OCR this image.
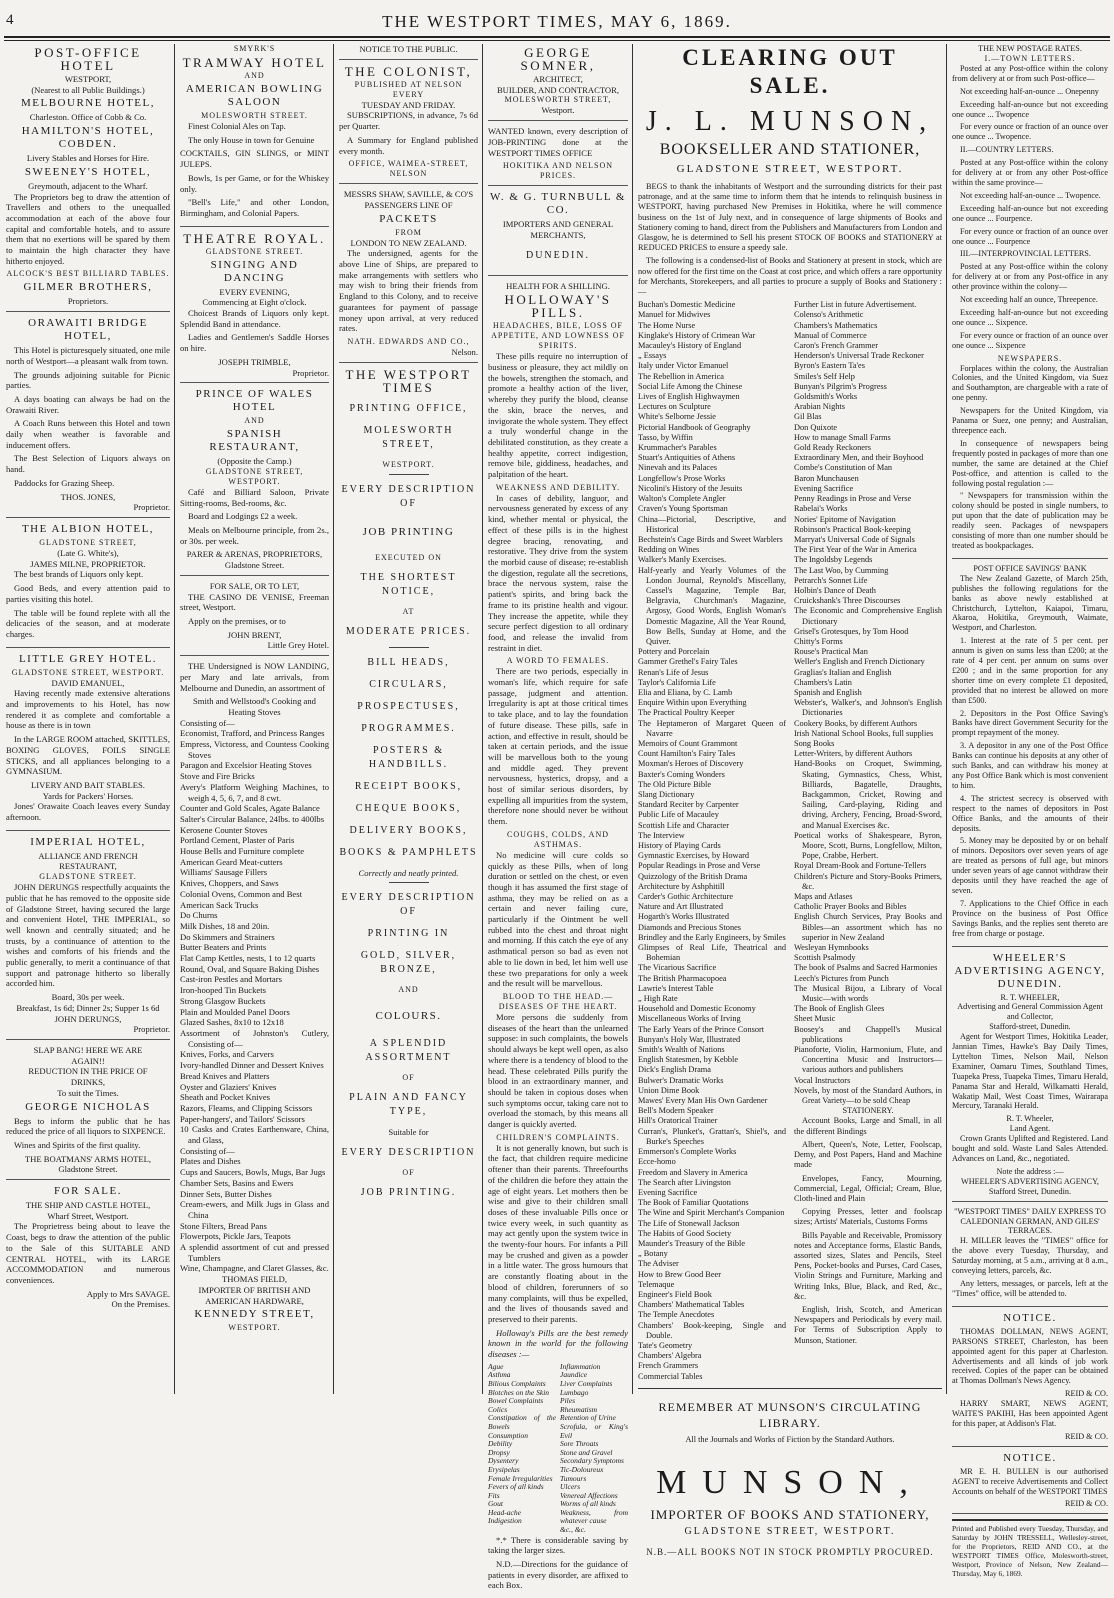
4	THE WESTPORT TIMES, MAY 6, 1869.
POST-OFFICE HOTEL
WESTPORT,
(Nearest to all Public Buildings.)
MELBOURNE HOTEL,
Charleston. Office of Cobb & Co.
HAMILTON'S HOTEL, COBDEN.
Livery Stables and Horses for Hire.
SWEENEY'S HOTEL,
Greymouth, adjacent to the Wharf.

The Proprietors beg to draw the attention of Travellers and others to the unequalled accommodation at each of the above four capital and comfortable hotels, and to assure them that no exertions will be spared by them to maintain the high character they have hitherto enjoyed.

ALCOCK'S BEST BILLIARD TABLES.
GILMER BROTHERS,
Proprietors.
ORAWAITI BRIDGE HOTEL,

This Hotel is picturesquely situated, one mile north of Westport—a pleasant walk from town.

The grounds adjoining suitable for Picnic parties.

A days boating can always be had on the Orawaiti River.

A Coach Runs between this Hotel and town daily when weather is favorable and inducement offers.

The Best Selection of Liquors always on hand.

Paddocks for Grazing Sheep.

THOS. JONES,
Proprietor.
THE ALBION HOTEL,
GLADSTONE STREET,
(Late G. White's),
JAMES MILNE, PROPRIETOR.

The best brands of Liquors only kept.

Good Beds, and every attention paid to parties visiting this hotel.

The table will be found replete with all the delicacies of the season, and at moderate charges.

LITTLE GREY HOTEL.
GLADSTONE STREET, WESTPORT.
DAVID EMANUEL,

Having recently made extensive alterations and improvements to his Hotel, has now rendered it as complete and comfortable a house as there is in town

In the LARGE ROOM attached, SKITTLES, BOXING GLOVES, FOILS SINGLE STICKS, and all appliances belonging to a GYMNASIUM.

LIVERY AND BAIT STABLES.
Yards for Packers' Horses.

Jones' Orawaite Coach leaves every Sunday afternoon.

IMPERIAL HOTEL,
ALLIANCE AND FRENCH
RESTAURANT,
GLADSTONE STREET.

JOHN DERUNGS respectfully acquaints the public that he has removed to the opposite side of Gladstone Street, having secured the large and convenient Hotel, THE IMPERIAL, so well known and centrally situated; and he trusts, by a continuance of attention to the wishes and comforts of his friends and the public generally, to merit a continuance of that support and patronage hitherto so liberally accorded him.

Board, 30s per week.
Breakfast, 1s 6d; Dinner 2s; Supper 1s 6d
JOHN DERUNGS,
Proprietor.
SLAP BANG! HERE WE ARE
AGAIN!!
REDUCTION IN THE PRICE OF
DRINKS,
To suit the Times.
GEORGE NICHOLAS

Begs to inform the public that he has reduced the price of all liquors to SIXPENCE.

Wines and Spirits of the first quality.

THE BOATMANS' ARMS HOTEL,
Gladstone Street.
FOR SALE.
THE SHIP AND CASTLE HOTEL,
Wharf Street, Westport.

The Proprietress being about to leave the Coast, begs to draw the attention of the public to the Sale of this SUITABLE AND CENTRAL HOTEL, with its LARGE ACCOMMODATION and numerous conveniences.

Apply to Mrs SAVAGE.
On the Premises.
SMYRK'S
TRAMWAY HOTEL
AND
AMERICAN BOWLING SALOON
MOLESWORTH STREET.

Finest Colonial Ales on Tap.

The only House in town for Genuine

COCKTAILS, GIN SLINGS, or MINT JULEPS.

Bowls, 1s per Game, or for the Whiskey only.

"Bell's Life," and other London, Birmingham, and Colonial Papers.

THEATRE ROYAL.
GLADSTONE STREET.
SINGING AND DANCING
EVERY EVENING,
Commencing at Eight o'clock.

Choicest Brands of Liquors only kept. Splendid Band in attendance.

Ladies and Gentlemen's Saddle Horses on hire.

JOSEPH TRIMBLE,
Proprietor.
PRINCE OF WALES HOTEL
AND
SPANISH RESTAURANT,
(Opposite the Camp.)
GLADSTONE STREET, WESTPORT.

Café and Billiard Saloon, Private Sitting-rooms, Bed-rooms, &c.

Board and Lodgings £2 a week.

Meals on Melbourne principle, from 2s., or 30s. per week.

PARER & ARENAS, PROPRIETORS,
Gladstone Street.
FOR SALE, OR TO LET,

THE CASINO DE VENISE, Freeman street, Westport.

Apply on the premises, or to

JOHN BRENT,
Little Grey Hotel.

THE Undersigned is NOW LANDING, per Mary and late arrivals, from Melbourne and Dunedin, an assortment of

Smith and Wellstood's Cooking and Heating Stoves
Consisting of—
Economist, Trafford, and Princess Ranges
Empress, Victoress, and Countess Cooking Stoves
Paragon and Excelsior Heating Stoves
Stove and Fire Bricks
Avery's Platform Weighing Machines, to weigh 4, 5, 6, 7, and 8 cwt.
Counter and Gold Scales, Agate Balance
Salter's Circular Balance, 24lbs. to 400lbs
Kerosene Counter Stoves
Portland Cement, Plaster of Paris
House Bells and Furniture complete
American Geard Meat-cutters
Williams' Sausage Fillers
Knives, Choppers, and Saws
Colonial Ovens, Common and Best
American Sack Trucks
Do Churns
Milk Dishes, 18 and 20in.
Do Skimmers and Strainers
Butter Beaters and Prints
Flat Camp Kettles, nests, 1 to 12 quarts
Round, Oval, and Square Baking Dishes
Cast-iron Pestles and Mortars
Iron-hooped Tin Buckets
Strong Glasgow Buckets
Plain and Moulded Panel Doors
Glazed Sashes, 8x10 to 12x18
Assortment of Johnston's Cutlery, Consisting of—
Knives, Forks, and Carvers
Ivory-handled Dinner and Dessert Knives
Bread Knives and Platters
Oyster and Glaziers' Knives
Sheath and Pocket Knives
Razors, Fleams, and Clipping Scissors
Paper-hangers', and Tailors' Scissors
10 Casks and Crates Earthenware, China, and Glass,
Consisting of—
Plates and Dishes
Cups and Saucers, Bowls, Mugs, Bar Jugs
Chamber Sets, Basins and Ewers
Dinner Sets, Butter Dishes
Cream-ewers, and Milk Jugs in Glass and China
Stone Filters, Bread Pans
Flowerpots, Pickle Jars, Teapots
A splendid assortment of cut and pressed Tumblers
Wine, Champagne, and Claret Glasses, &c.
THOMAS FIELD,
IMPORTER OF BRITISH AND
AMERICAN HARDWARE,
KENNEDY STREET,
WESTPORT.
NOTICE TO THE PUBLIC.
THE COLONIST,
PUBLISHED AT NELSON EVERY
TUESDAY AND FRIDAY.

SUBSCRIPTIONS, in advance, 7s 6d per Quarter.

A Summary for England published every month.

OFFICE, WAIMEA-STREET, NELSON
MESSRS SHAW, SAVILLE, & CO'S PASSENGERS LINE OF
PACKETS
FROM
LONDON TO NEW ZEALAND.

The undersigned, agents for the above Line of Ships, are prepared to make arrangements with settlers who may wish to bring their friends from England to this Colony, and to receive guarantees for payment of passage money upon arrival, at very reduced rates.

NATH. EDWARDS AND CO.,
Nelson.
THE WESTPORT TIMES
PRINTING OFFICE,
MOLESWORTH STREET,
WESTPORT.
EVERY DESCRIPTION OF
JOB PRINTING
EXECUTED ON
THE SHORTEST NOTICE,
AT
MODERATE PRICES.
BILL HEADS,
CIRCULARS,
PROSPECTUSES,
PROGRAMMES.
POSTERS & HANDBILLS.
RECEIPT BOOKS,
CHEQUE BOOKS,
DELIVERY BOOKS,
BOOKS & PAMPHLETS
Correctly and neatly printed.
EVERY DESCRIPTION OF
PRINTING IN
GOLD, SILVER, BRONZE,
AND
COLOURS.
A SPLENDID ASSORTMENT
OF
PLAIN AND FANCY TYPE,
Suitable for
EVERY DESCRIPTION
OF
JOB PRINTING.
GEORGE SOMNER,
ARCHITECT,
BUILDER, AND CONTRACTOR,
MOLESWORTH STREET,
Westport.

WANTED known, every description of JOB-PRINTING done at the WESTPORT TIMES OFFICE

HOKITIKA AND NELSON PRICES.
W. & G. TURNBULL & CO.
IMPORTERS AND GENERAL
MERCHANTS,
DUNEDIN.
HEALTH FOR A SHILLING.
HOLLOWAY'S PILLS.
HEADACHES, BILE, LOSS OF APPETITE, AND LOWNESS OF SPIRITS.

These pills require no interruption of business or pleasure, they act mildly on the bowels, strengthen the stomach, and promote a healthy action of the liver, whereby they purify the blood, cleanse the skin, brace the nerves, and invigorate the whole system. They effect a truly wonderful change in the debilitated constitution, as they create a healthy appetite, correct indigestion, remove bile, giddiness, headaches, and palpitation of the heart.

WEAKNESS AND DEBILITY.

In cases of debility, languor, and nervousness generated by excess of any kind, whether mental or physical, the effect of these pills is in the highest degree bracing, renovating, and restorative. They drive from the system the morbid cause of disease; re-establish the digestion, regulate all the secretions, brace the nervous system, raise the patient's spirits, and bring back the frame to its pristine health and vigour. They increase the appetite, while they secure perfect digestion to all ordinary food, and release the invalid from restraint in diet.

A WORD TO FEMALES.

There are two periods, especially in woman's life, which require for safe passage, judgment and attention. Irregularity is apt at those critical times to take place, and to lay the foundation of future disease. These pills, safe in action, and effective in result, should be taken at certain periods, and the issue will be marvellous both to the young and middle aged. They prevent nervousness, hysterics, dropsy, and a host of similar serious disorders, by expelling all impurities from the system, therefore none should never be without them.

COUGHS, COLDS, AND ASTHMAS.

No medicine will cure colds so quickly as these Pills, when of long duration or settled on the chest, or even though it has assumed the first stage of asthma, they may be relied on as a certain and never failing cure, particularly if the Ointment be well rubbed into the chest and throat night and morning. If this catch the eye of any asthmatical person so bad as even not able to lie down in bed, let him well use these two preparations for only a week and the result will be marvellous.

BLOOD TO THE HEAD.—DISEASES OF THE HEART.

More persons die suddenly from diseases of the heart than the unlearned suppose: in such complaints, the bowels should always be kept well open, as also where there is a tendency of blood to the head. These celebrated Pills purify the blood in an extraordinary manner, and should be taken in copious doses when such symptoms occur, taking care not to overload the stomach, by this means all danger is quickly averted.

CHILDREN'S COMPLAINTS.

It is not generally known, but such is the fact, that children require medicine oftener than their parents. Threefourths of the children die before they attain the age of eight years. Let mothers then be wise and give to their children small doses of these invaluable Pills once or twice every week, in such quantity as may act gently upon the system twice in the twenty-four hours. For infants a Pill may be crushed and given as a powder in a little water. The gross humours that are constantly floating about in the blood of children, forerunners of so many complaints, will thus be expelled, and the lives of thousands saved and preserved to their parents.

Holloway's Pills are the best remedy known in the world for the following diseases :—

Ague
Asthma
Bilious Complaints
Blotches on the Skin
Bowel Complaints
Colics
Constipation of the Bowels
Consumption
Debility
Dropsy
Dysentery
Erysipelas
Female Irregularities
Fevers of all kinds
Fits
Gout
Head-ache
Indigestion
Inflammation
Jaundice
Liver Complaints
Lumbago
Piles
Rheumatism
Retention of Urine
Scrofula, or King's Evil
Sore Throats
Stone and Gravel
Secondary Symptoms
Tic-Doloureux
Tumours
Ulcers
Venereal Affections
Worms of all kinds
Weakness, from whatever cause
&c., &c.

*.* There is considerable saving by taking the larger sizes.

N.D.—Directions for the guidance of patients in every disorder, are affixed to each Box.

CLEARING OUT SALE.
J. L. MUNSON,
BOOKSELLER AND STATIONER,
GLADSTONE STREET, WESTPORT.

BEGS to thank the inhabitants of Westport and the surrounding districts for their past patronage, and at the same time to inform them that he intends to relinquish business in WESTPORT, having purchased New Premises in Hokitika, where he will commence business on the 1st of July next, and in consequence of large shipments of Books and Stationery coming to hand, direct from the Publishers and Manufacturers from London and Glasgow, he is determined to Sell his present STOCK OF BOOKS and STATIONERY at REDUCED PRICES to ensure a speedy sale.

The following is a condensed-list of Books and Stationery at present in stock, which are now offered for the first time on the Coast at cost price, and which offers a rare opportunity for Merchants, Storekeepers, and all parties to procure a supply of Books and Stationery :—

Buchan's Domestic Medicine
Manuel for Midwives
The Home Nurse
Kinglake's History of Crimean War
Macauley's History of England
„ Essays
Italy under Victor Emanuel
The Rebellion in America
Social Life Among the Chinese
Lives of English Highwaymen
Lectures on Sculpture
White's Selborne Jessie
Pictorial Handbook of Geography
Tasso, by Wiffin
Krummacher's Parables
Stuart's Antiquities of Athens
Ninevah and its Palaces
Longfellow's Prose Works
Nicolini's History of the Jesuits
Walton's Complete Angler
Craven's Young Sportsman
China—Pictorial, Descriptive, and Historical
Bechstein's Cage Birds and Sweet Warblers
Redding on Wines
Walker's Manly Exercises.
Half-yearly and Yearly Volumes of the London Journal, Reynold's Miscellany, Cassel's Magazine, Temple Bar, Belgravia, Churchman's Magazine, Argosy, Good Words, English Woman's Domestic Magazine, All the Year Round, Bow Bells, Sunday at Home, and the Quiver.
Pottery and Porcelain
Gammer Grethel's Fairy Tales
Renan's Life of Jesus
Taylor's California Life
Elia and Eliana, by C. Lamb
Enquire Within upon Everything
The Practical Poultry Keeper
The Heptameron of Margaret Queen of Navarre
Memoirs of Count Grammont
Count Hamilton's Fairy Tales
Moxman's Heroes of Discovery
Baxter's Coming Wonders
The Old Picture Bible
Slang Dictionary
Standard Reciter by Carpenter
Public Life of Macauley
Scottish Life and Character
The Interview
History of Playing Cards
Gymnastic Exercises, by Howard
Popular Readings in Prose and Verse
Quizzology of the British Drama
Architecture by Ashphitill
Carder's Gothic Architecture
Nature and Art Illustrated
Hogarth's Works Illustrated
Diamonds and Precious Stones
Brindley and the Early Engineers, by Smiles
Glimpses of Real Life, Theatrical and Bohemian
The Vicarious Sacrifice
The British Pharmacopoea
Lawrie's Interest Table
„ High Rate
Household and Domestic Economy
Miscellaneous Works of Irving
The Early Years of the Prince Consort
Bunyan's Holy War, Illustrated
Smith's Wealth of Nations
English Statesmen, by Kebble
Dick's English Drama
Bulwer's Dramatic Works
Union Dime Book
Mawes' Every Man His Own Gardener
Bell's Modern Speaker
Hill's Oratorical Trainer
Curran's, Plunket's, Grattan's, Shiel's, and Burke's Speeches
Emmerson's Complete Works
Ecce-homo
Freedom and Slavery in America
The Search after Livingston
Evening Sacrifice
The Book of Familiar Quotations
The Wine and Spirit Merchant's Companion
The Life of Stonewall Jackson
The Habits of Good Society
Maunder's Treasury of the Bible
„ Botany
The Adviser
How to Brew Good Beer
Telemaque
Engineer's Field Book
Chambers' Mathematical Tables
The Temple Anecdotes
Chambers' Book-keeping, Single and Double.
Tate's Geometry
Chambers' Algebra
French Grammers
Commercial Tables
Further List in future Advertisement.
Colenso's Arithmetic
Chambers's Mathematics
Manual of Commerce
Caron's French Grammer
Henderson's Universal Trade Reckoner
Byron's Eastern Ta'es
Smiles's Self Help
Bunyan's Pilgrim's Progress
Goldsmith's Works
Arabian Nights
Gil Blas
Don Quixote
How to manage Small Farms
Gold Ready Reckoners
Extraordinary Men, and their Boyhood
Combe's Constitution of Man
Baron Munchausen
Evening Sacrifice
Penny Readings in Prose and Verse
Rabelai's Works
Nories' Epitome of Navigation
Robinson's Practical Book-keeping
Marryat's Universal Code of Signals
The First Year of the War in America
The Ingoldsby Legends
The Last Woo, by Cumming
Petrarch's Sonnet Life
Holbin's Dance of Death
Cruickshank's Three Discourses
The Economic and Comprehensive English Dictionary
Grisel's Grotesques, by Tom Hood
Chitty's Forms
Rouse's Practical Man
Weller's English and French Dictionary
Graglias's Italian and English
Chambers's Latin
Spanish and English
Webster's, Walker's, and Johnson's English Dictionaries
Cookery Books, by different Authors
Irish National School Books, full supplies
Song Books
Letter-Writers, by different Authors
Hand-Books on Croquet, Swimming, Skating, Gymnastics, Chess, Whist, Billiards, Bagatelle, Draughts, Backgammon, Cricket, Rowing and Sailing, Card-playing, Riding and driving, Archery, Fencing, Broad-Sword, and Manual Exercises &c.
Poetical works of Shakespeare, Byron, Moore, Scott, Burns, Longfellow, Milton, Pope, Crabbe, Herbert.
Royal Dream-Book and Fortune-Tellers
Children's Picture and Story-Books Primers, &c.
Maps and Atlases
Catholic Prayer Books and Bibles
English Church Services, Pray Books and Bibles—an assortment which has no superior in New Zealand
Wesleyan Hymnbooks
Scottish Psalmody
The book of Psalms and Sacred Harmonies
Leech's Pictures from Punch
The Musical Bijou, a Library of Vocal Music—with words
The Book of English Glees
Sheet Music
Boosey's and Chappell's Musical publications
Pianoforte, Violin, Harmonium, Flute, and Concertina Music and Instructors—various authors and publishers
Vocal Instructors
Novels, by most of the Standard Authors, in Great Variety—to be sold Cheap
STATIONERY.

Account Books, Large and Small, in all the different Bindings

Albert, Queen's, Note, Letter, Foolscap, Demy, and Post Papers, Hand and Machine made

Envelopes, Fancy, Mourning, Commercial, Legal, Official; Cream, Blue, Cloth-lined and Plain

Copying Presses, letter and foolscap sizes; Artists' Materials, Customs Forms

Bills Payable and Receivable, Promissory notes and Acceptance forms, Elastic Bands, assorted sizes, Slates and Pencils, Steel Pens, Pocket-books and Purses, Card Cases, Violin Strings and Furniture, Marking and Writing Inks, Blue, Black, and Red, &c., &c.

English, Irish, Scotch, and American Newspapers and Periodicals by every mail. For Terms of Subscription Apply to Munson, Stationer.

REMEMBER AT MUNSON'S CIRCULATING LIBRARY.
All the Journals and Works of Fiction by the Standard Authors.
MUNSON,
IMPORTER OF BOOKS AND STATIONERY,
GLADSTONE STREET, WESTPORT.
N.B.—ALL BOOKS NOT IN STOCK PROMPTLY PROCURED.
THE NEW POSTAGE RATES.
I.—TOWN LETTERS.

Posted at any Post-office within the colony from delivery at or from such Post-office—

Not exceeding half-an-ounce ... Onepenny

Exceeding half-an-ounce but not exceeding one ounce ... Twopence

For every ounce or fraction of an ounce over one ounce ... Twopence.

II.—COUNTRY LETTERS.

Posted at any Post-office within the colony for delivery at or from any other Post-office within the same province—

Not exceeding half-an-ounce ... Twopence.

Exceeding half-an-ounce but not exceeding one ounce ... Fourpence.

For every ounce or fraction of an ounce over one ounce ... Fourpence

III.—INTERPROVINCIAL LETTERS.

Posted at any Post-office within the colony for delivery at or from any Post-office in any other province within the colony—

Not exceeding half an ounce, Threepence.

Exceeding half-an-ounce but not exceeding one ounce ... Sixpence.

For every ounce or fraction of an ounce over one ounce ... Sixpence

NEWSPAPERS.

Forplaces within the colony, the Australian Colonies, and the United Kingdom, via Suez and Southampton, are chargeable with a rate of one penny.

Newspapers for the United Kingdom, via Panama or Suez, one penny; and Australian, threepence each.

In consequence of newspapers being frequently posted in packages of more than one number, the same are detained at the Chief Post-office, and attention is called to the following postal regulation :—

" Newspapers for transmission within the colony should be posted in single numbers, to put upon that the date of publication may be readily seen. Packages of newspapers consisting of more than one number should be treated as bookpackages.

POST OFFICE SAVINGS' BANK

The New Zealand Gazette, of March 25th, publishes the following regulations for the banks as above newly established at Christchurch, Lyttelton, Kaiapoi, Timaru, Akaroa, Hokitika, Greymouth, Waimate, Westport, and Charleston.

1. Interest at the rate of 5 per cent. per annum is given on sums less than £200; at the rate of 4 per cent. per annum on sums over £200 ; and in the same proportion for any shorter time on every complete £1 deposited, provided that no interest be allowed on more than £500.

2. Depositors in the Post Office Saving's Banks have direct Government Security for the prompt repayment of the money.

3. A depositor in any one of the Post Office Banks can continue his deposits at any other of such Banks, and can withdraw his money at any Post Office Bank which is most convenient to him.

4. The strictest secrecy is observed with respect to the names of depositors in Post Office Banks, and the amounts of their deposits.

5. Money may be deposited by or on behalf of minors. Depositors over seven years of age are treated as persons of full age, but minors under seven years of age cannot withdraw their deposits until they have reached the age of seven.

7. Applications to the Chief Office in each Province on the business of Post Office Savings Banks, and the replies sent thereto are free from charge or postage.

WHEELER'S ADVERTISING AGENCY, DUNEDIN.
R. T. WHEELER,
Advertising and General Commission Agent and Collector,
Stafford-street, Dunedin.

Agent for Westport Times, Hokitika Leader, Jannian Times, Hawke's Bay Daily Times, Lyttelton Times, Nelson Mail, Nelson Examiner, Oamaru Times, Southland Times, Tuapeka Press, Tuapeka Times, Timaru Herald, Panama Star and Herald, Wilkamatti Herald, Wakatip Mail, West Coast Times, Wairarapa Mercury, Taranaki Herald.

R. T. Wheeler,
Land Agent.

Crown Grants Uplifted and Registered. Land bought and sold. Waste Land Sales Attended. Advances on Land, &c., negotiated.

Note the address :—
WHEELER'S ADVERTISING AGENCY,
Stafford Street, Dunedin.
"WESTPORT TIMES" DAILY EXPRESS TO CALEDONIAN GERMAN, AND GILES' TERRACES.

H. MILLER leaves the "TIMES" office for the above every Tuesday, Thursday, and Saturday morning, at 5 a.m., arriving at 8 a.m., conveying letters, parcels, &c.

Any letters, messages, or parcels, left at the "Times" office, will be attended to.

NOTICE.

THOMAS DOLLMAN, NEWS AGENT, PARSONS STREET, Charleston, has been appointed agent for this paper at Charleston. Advertisements and all kinds of job work received. Copies of the paper can be obtained at Thomas Dollman's News Agency.

REID & CO.

HARRY SMART, NEWS AGENT, WAITE'S PAKIHI, Has been appointed Agent for this paper, at Addison's Flat.

REID & CO.
NOTICE.

MR E. H. BULLEN is our authorised AGENT to receive Advertisements and Collect Accounts on behalf of the WESTPORT TIMES

REID & CO.
Printed and Published every Tuesday, Thursday, and Saturday by JOHN TRESSELL, Wellesley-street, for the Proprietors, REID AND CO., at the WESTPORT TIMES Office, Molesworth-street, Westport, Province of Nelson, New Zealand—Thursday, May 6, 1869.
